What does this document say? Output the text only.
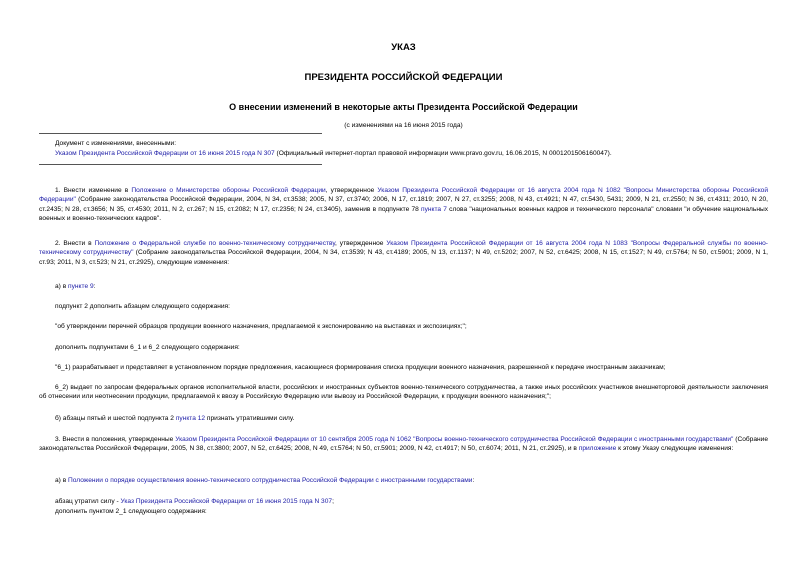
УКАЗ
ПРЕЗИДЕНТА РОССИЙСКОЙ ФЕДЕРАЦИИ
О внесении изменений в некоторые акты Президента Российской Федерации
(с изменениями на 16 июня 2015 года)
Документ с изменениями, внесенными:
Указом Президента Российской Федерации от 16 июня 2015 года N 307 (Официальный интернет-портал правовой информации www.pravo.gov.ru, 16.06.2015, N 0001201506160047).
1. Внести изменение в Положение о Министерстве обороны Российской Федерации, утвержденное Указом Президента Российской Федерации от 16 августа 2004 года N 1082 "Вопросы Министерства обороны Российской Федерации" (Собрание законодательства Российской Федерации, 2004, N 34, ст.3538; 2005, N 37, ст.3740; 2006, N 17, ст.1819; 2007, N 27, ст.3255; 2008, N 43, ст.4921; N 47, ст.5430, 5431; 2009, N 21, ст.2550; N 36, ст.4311; 2010, N 20, ст.2435; N 28, ст.3656; N 35, ст.4530; 2011, N 2, ст.267; N 15, ст.2082; N 17, ст.2356; N 24, ст.3405), заменив в подпункте 78 пункта 7 слова "национальных военных кадров и технического персонала" словами "и обучение национальных военных и военно-технических кадров".
2. Внести в Положение о Федеральной службе по военно-техническому сотрудничеству, утвержденное Указом Президента Российской Федерации от 16 августа 2004 года N 1083 "Вопросы Федеральной службы по военно-техническому сотрудничеству" (Собрание законодательства Российской Федерации, 2004, N 34, ст.3539; N 43, ст.4189; 2005, N 13, ст.1137; N 49, ст.5202; 2007, N 52, ст.6425; 2008, N 15, ст.1527; N 49, ст.5764; N 50, ст.5901; 2009, N 1, ст.93; 2011, N 3, ст.523; N 21, ст.2925), следующие изменения:
а) в пункте 9:
подпункт 2 дополнить абзацем следующего содержания:
"об утверждении перечней образцов продукции военного назначения, предлагаемой к экспонированию на выставках и экспозициях;";
дополнить подпунктами 6_1 и 6_2 следующего содержания:
"6_1) разрабатывает и представляет в установленном порядке предложения, касающиеся формирования списка продукции военного назначения, разрешенной к передаче иностранным заказчикам;
6_2) выдает по запросам федеральных органов исполнительной власти, российских и иностранных субъектов военно-технического сотрудничества, а также иных российских участников внешнеторговой деятельности заключения об отнесении или неотнесении продукции, предлагаемой к ввозу в Российскую Федерацию или вывозу из Российской Федерации, к продукции военного назначения;";
б) абзацы пятый и шестой подпункта 2 пункта 12 признать утратившими силу.
3. Внести в положения, утвержденные Указом Президента Российской Федерации от 10 сентября 2005 года N 1062 "Вопросы военно-технического сотрудничества Российской Федерации с иностранными государствами" (Собрание законодательства Российской Федерации, 2005, N 38, ст.3800; 2007, N 52, ст.6425; 2008, N 49, ст.5764; N 50, ст.5901; 2009, N 42, ст.4917; N 50, ст.6074; 2011, N 21, ст.2925), и в приложение к этому Указу следующие изменения:
а) в Положении о порядке осуществления военно-технического сотрудничества Российской Федерации с иностранными государствами:
абзац утратил силу - Указ Президента Российской Федерации от 16 июня 2015 года N 307;
дополнить пунктом 2_1 следующего содержания:
